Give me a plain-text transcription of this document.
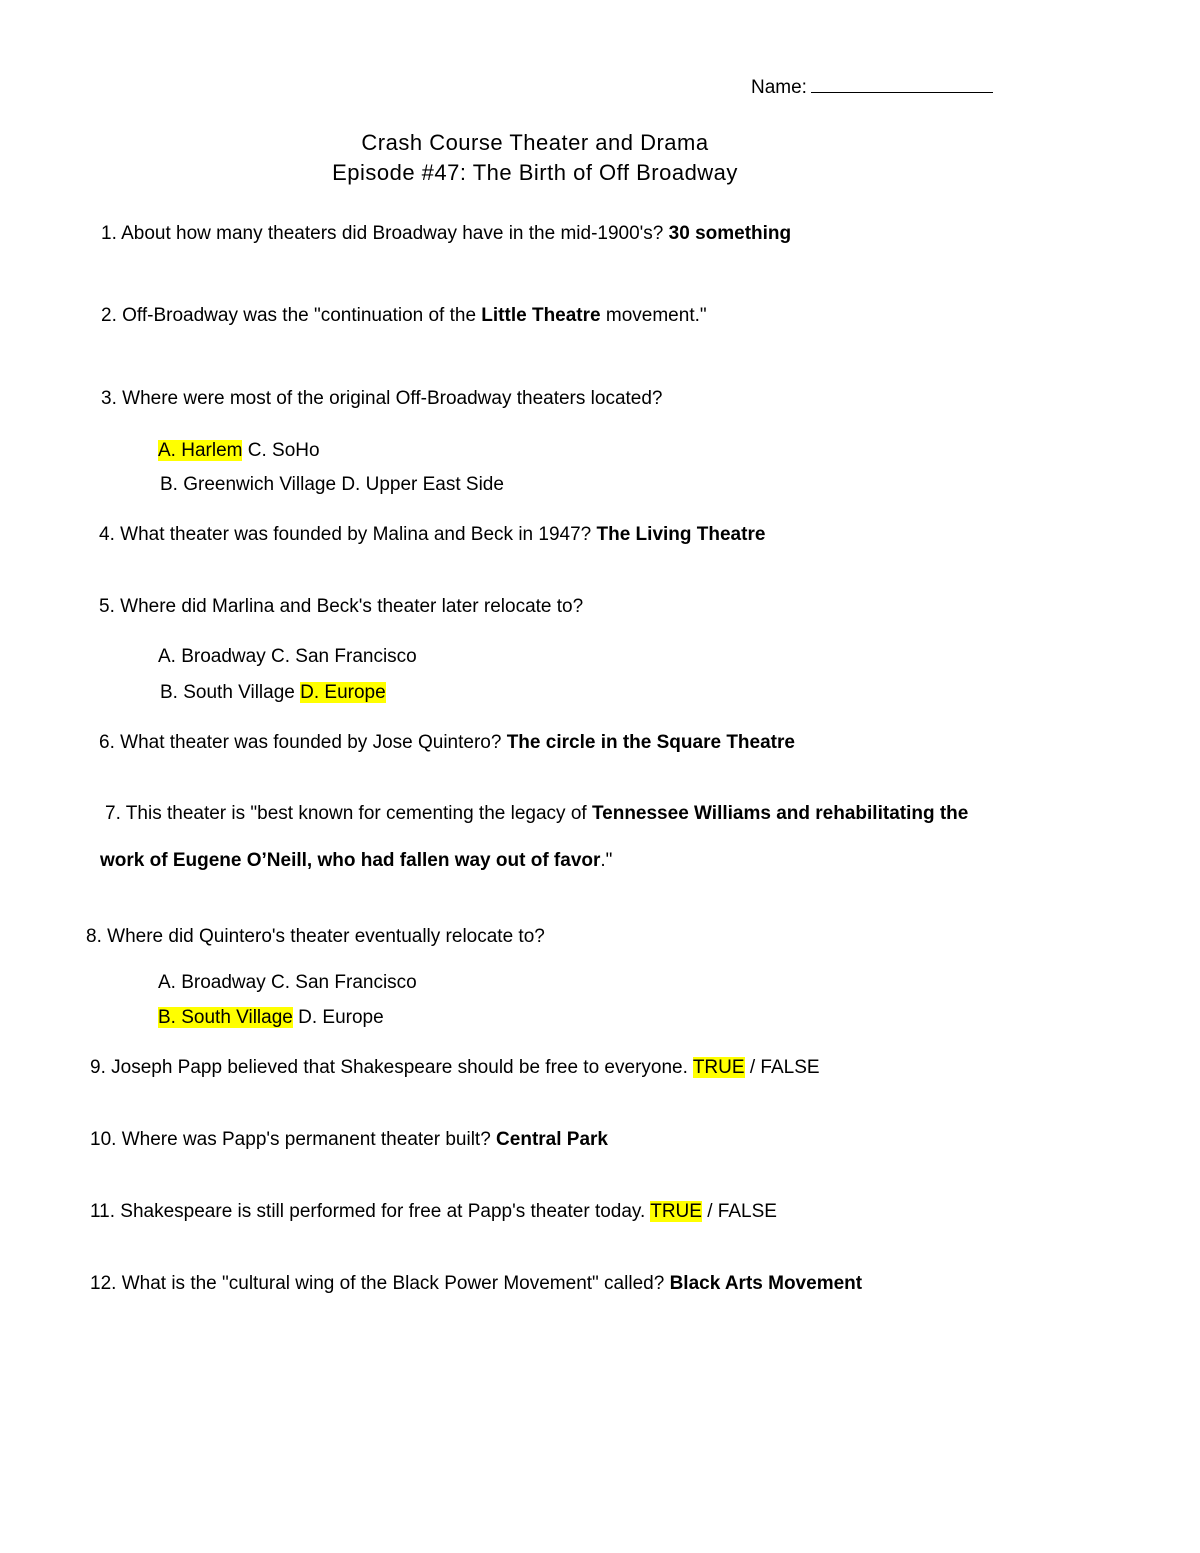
Name:
Crash Course Theater and Drama
Episode #47: The Birth of Off Broadway
1. About how many theaters did Broadway have in the mid-1900's? 30 something
2. Off-Broadway was the "continuation of the Little Theatre movement."
3. Where were most of the original Off-Broadway theaters located?
A. Harlem C. SoHo
B. Greenwich Village D. Upper East Side
4. What theater was founded by Malina and Beck in 1947? The Living Theatre
5. Where did Marlina and Beck's theater later relocate to?
A. Broadway C. San Francisco
B. South Village D. Europe
6. What theater was founded by Jose Quintero? The circle in the Square Theatre
7. This theater is "best known for cementing the legacy of Tennessee Williams and rehabilitating the
work of Eugene O’Neill, who had fallen way out of favor."
8. Where did Quintero's theater eventually relocate to?
A. Broadway C. San Francisco
B. South Village D. Europe
9. Joseph Papp believed that Shakespeare should be free to everyone. TRUE / FALSE
10. Where was Papp's permanent theater built? Central Park
11. Shakespeare is still performed for free at Papp's theater today. TRUE / FALSE
12. What is the "cultural wing of the Black Power Movement" called? Black Arts Movement
